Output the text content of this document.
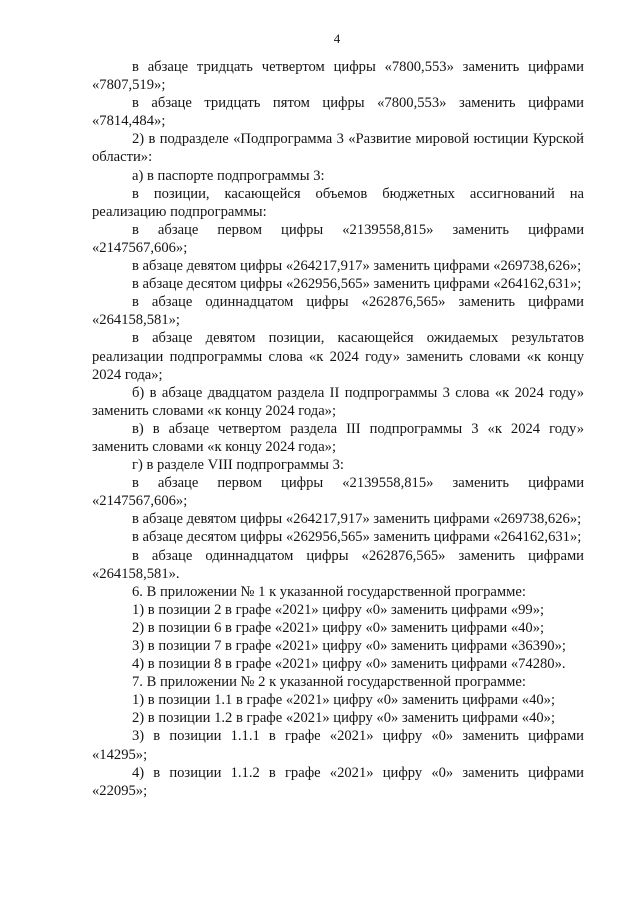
4

в абзаце тридцать четвертом цифры «7800,553» заменить цифрами «7807,519»;

в абзаце тридцать пятом цифры «7800,553» заменить цифрами «7814,484»;

2) в подразделе «Подпрограмма 3 «Развитие мировой юстиции Курской области»:

а) в паспорте подпрограммы 3:

в позиции, касающейся объемов бюджетных ассигнований на реализацию подпрограммы:

в абзаце первом цифры «2139558,815» заменить цифрами «2147567,606»;

в абзаце девятом цифры «264217,917» заменить цифрами «269738,626»;

в абзаце десятом цифры «262956,565» заменить цифрами «264162,631»;

в абзаце одиннадцатом цифры «262876,565» заменить цифрами «264158,581»;

в абзаце девятом позиции, касающейся ожидаемых результатов реализации подпрограммы слова «к 2024 году» заменить словами «к концу 2024 года»;

б) в абзаце двадцатом раздела II подпрограммы 3 слова «к 2024 году» заменить словами «к концу 2024 года»;

в) в абзаце четвертом раздела III подпрограммы 3 «к 2024 году» заменить словами «к концу 2024 года»;

г) в разделе VIII подпрограммы 3:

в абзаце первом цифры «2139558,815» заменить цифрами «2147567,606»;

в абзаце девятом цифры «264217,917» заменить цифрами «269738,626»;

в абзаце десятом цифры «262956,565» заменить цифрами «264162,631»;

в абзаце одиннадцатом цифры «262876,565» заменить цифрами «264158,581».

6. В приложении № 1 к указанной государственной программе:

1) в позиции 2 в графе «2021» цифру «0» заменить цифрами «99»;

2) в позиции 6 в графе «2021» цифру «0» заменить цифрами «40»;

3) в позиции 7 в графе «2021» цифру «0» заменить цифрами «36390»;

4) в позиции 8 в графе «2021» цифру «0» заменить цифрами «74280».

7. В приложении № 2 к указанной государственной программе:

1) в позиции 1.1 в графе «2021» цифру «0» заменить цифрами «40»;

2) в позиции 1.2 в графе «2021» цифру «0» заменить цифрами «40»;

3) в позиции 1.1.1 в графе «2021» цифру «0» заменить цифрами «14295»;

4) в позиции 1.1.2 в графе «2021» цифру «0» заменить цифрами «22095»;
